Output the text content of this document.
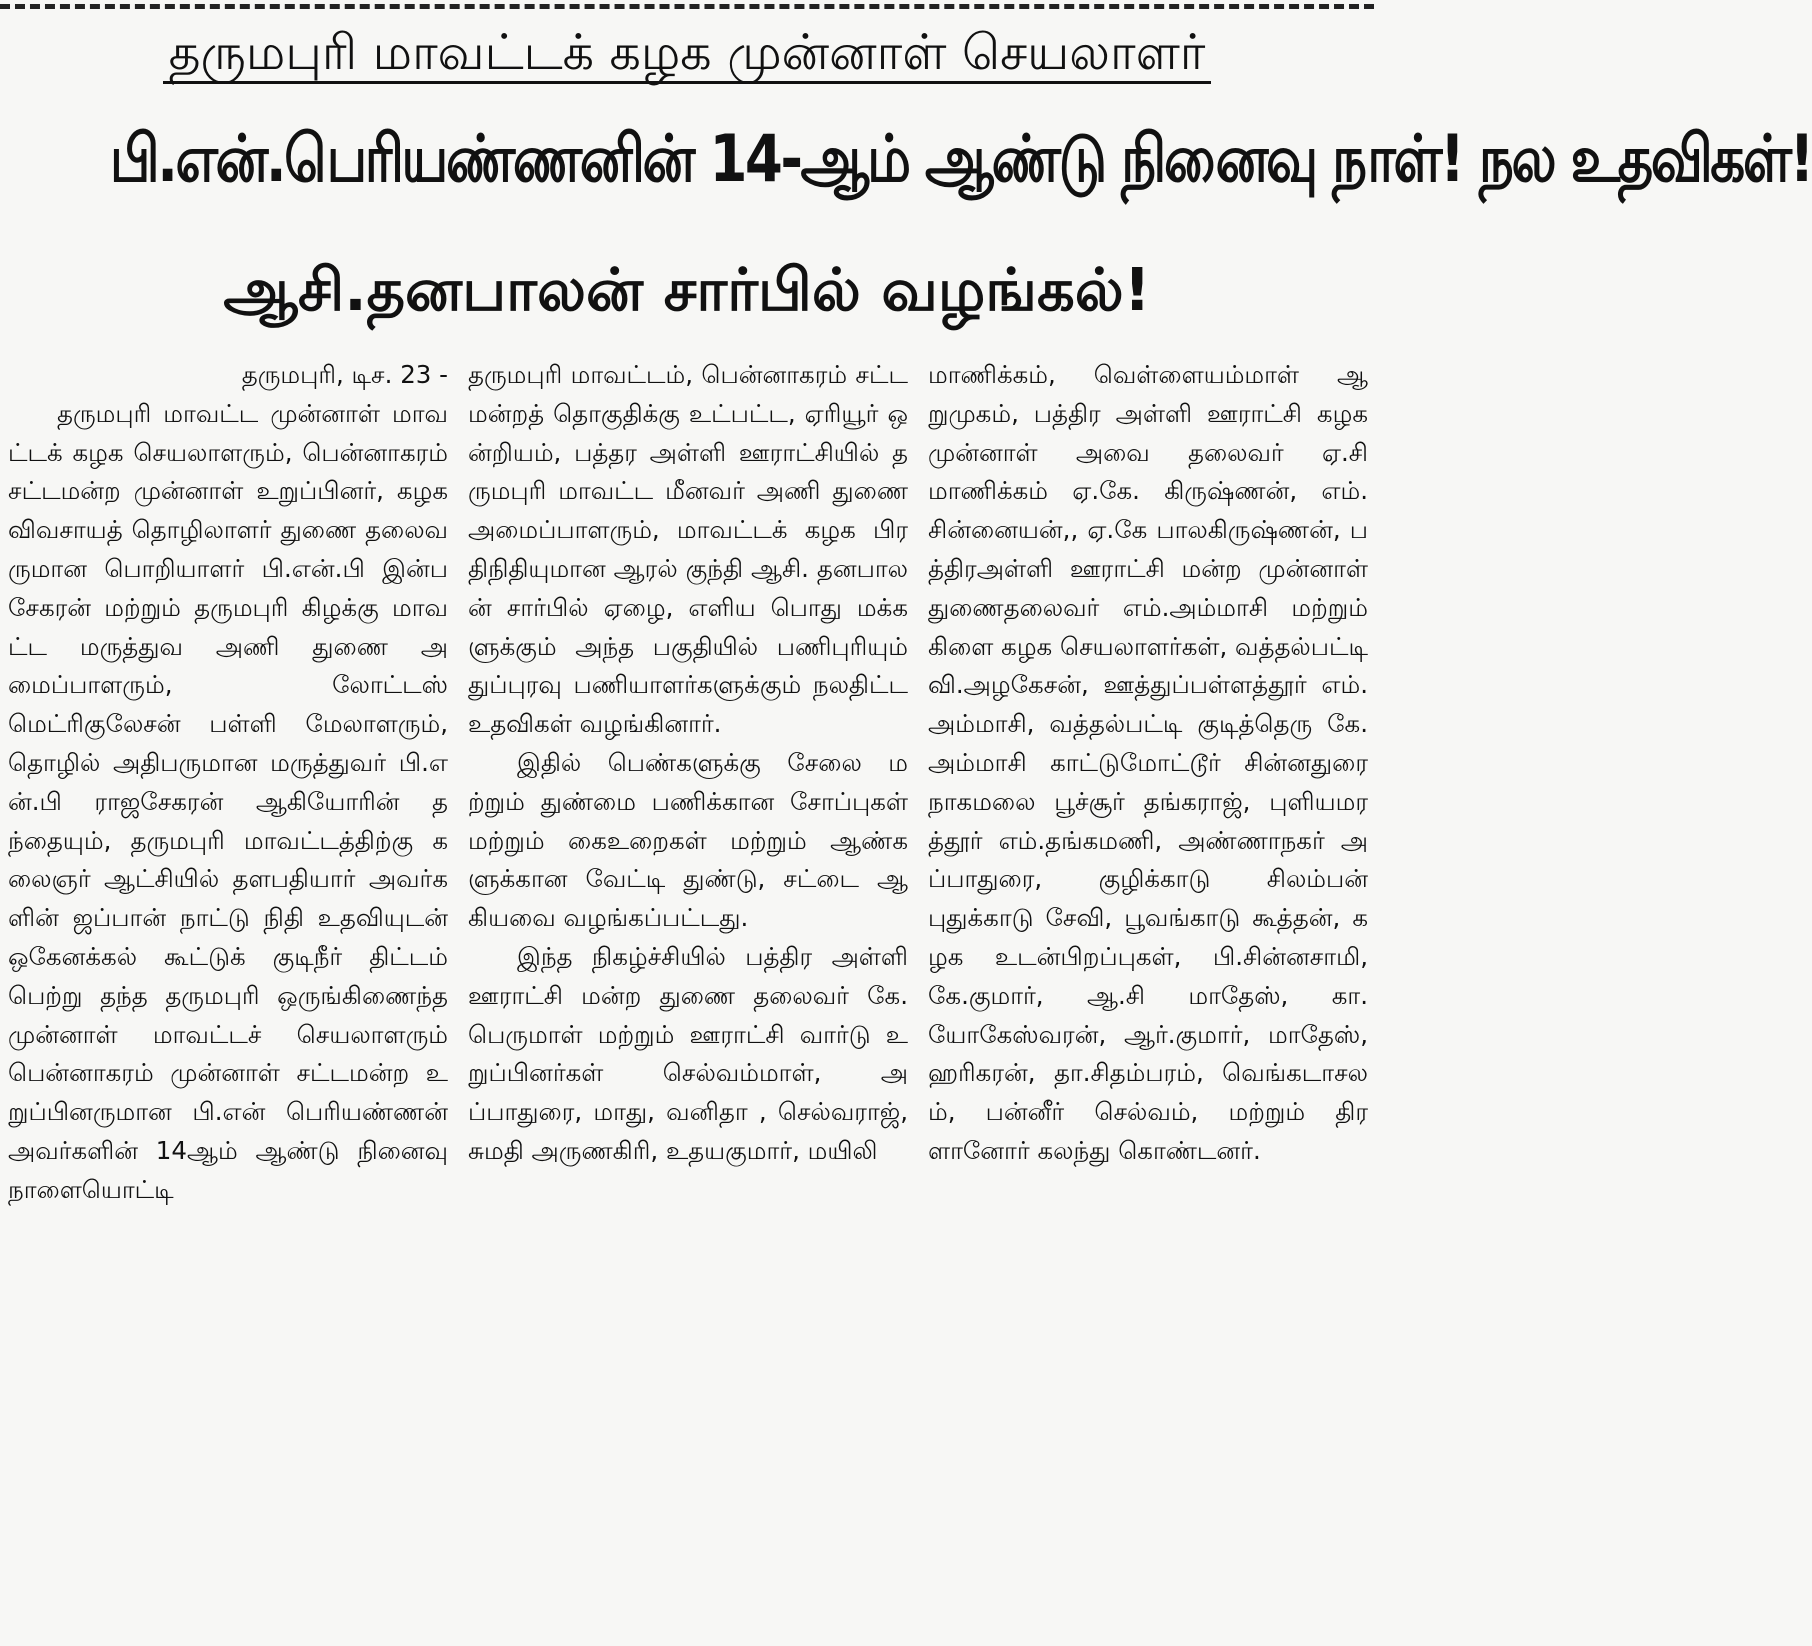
தருமபுரி மாவட்டக் கழக முன்னாள் செயலாளர்
பி.என்.பெரியண்ணனின் 14-ஆம் ஆண்டு நினைவு நாள்! நல உதவிகள்!
ஆசி.தனபாலன் சார்பில் வழங்கல்!
தருமபுரி, டிச. 23 -

தருமபுரி மாவட்ட முன்னாள் மாவட்டக் கழக செயலாளரும், பென்னாகரம் சட்டமன்ற முன்னாள் உறுப்பினர், கழக விவசாயத் தொழிலாளர் துணை தலைவருமான பொறியாளர் பி.என்.பி இன்பசேகரன் மற்றும் தருமபுரி கிழக்கு மாவட்ட மருத்துவ அணி துணை அமைப்பாளரும், லோட்டஸ் மெட்ரிகுலேசன் பள்ளி மேலாளரும், தொழில் அதிபருமான மருத்துவர் பி.என்.பி ராஜசேகரன் ஆகியோரின் தந்தையும், தருமபுரி மாவட்டத்திற்கு கலைஞர் ஆட்சியில் தளபதியார் அவர்களின் ஜப்பான் நாட்டு நிதி உதவியுடன் ஒகேனக்கல் கூட்டுக் குடிநீர் திட்டம் பெற்று தந்த தருமபுரி ஒருங்கிணைந்த முன்னாள் மாவட்டச் செயலாளரும் பென்னாகரம் முன்னாள் சட்டமன்ற உறுப்பினருமான பி.என் பெரியண்ணன் அவர்களின் 14ஆம் ஆண்டு நினைவு நாளையொட்டி

தருமபுரி மாவட்டம், பென்னாகரம் சட்டமன்றத் தொகுதிக்கு உட்பட்ட, ஏரியூர் ஒன்றியம், பத்தர அள்ளி ஊராட்சியில் தருமபுரி மாவட்ட மீனவர் அணி துணை அமைப்பாளரும், மாவட்டக் கழக பிரதிநிதியுமான ஆரல் குந்தி ஆசி. தனபாலன் சார்பில் ஏழை, எளிய பொது மக்களுக்கும் அந்த பகுதியில் பணிபுரியும் துப்புரவு பணியாளர்களுக்கும் நலதிட்ட உதவிகள் வழங்கினார்.

இதில் பெண்களுக்கு சேலை மற்றும் துண்மை பணிக்கான சோப்புகள் மற்றும் கைஉறைகள் மற்றும் ஆண்களுக்கான வேட்டி துண்டு, சட்டை ஆகியவை வழங்கப்பட்டது.

இந்த நிகழ்ச்சியில் பத்திர அள்ளி ஊராட்சி மன்ற துணை தலைவர் கே.பெருமாள் மற்றும் ஊராட்சி வார்டு உறுப்பினர்கள் செல்வம்மாள், அப்பாதுரை, மாது, வனிதா , செல்வராஜ், சுமதி அருணகிரி, உதயகுமார், மயிலி

மாணிக்கம், வெள்ளையம்மாள் ஆறுமுகம், பத்திர அள்ளி ஊராட்சி கழக முன்னாள் அவை தலைவர் ஏ.சி மாணிக்கம் ஏ.கே. கிருஷ்ணன், எம். சின்னையன்,, ஏ.கே பாலகிருஷ்ணன், பத்திரஅள்ளி ஊராட்சி மன்ற முன்னாள் துணைதலைவர் எம்.அம்மாசி மற்றும் கிளை கழக செயலாளர்கள், வத்தல்பட்டி வி.அழகேசன், ஊத்துப்பள்ளத்தூர் எம். அம்மாசி, வத்தல்பட்டி குடித்தெரு கே.அம்மாசி காட்டுமோட்டூர் சின்னதுரை நாகமலை பூச்சூர் தங்கராஜ், புளியமரத்தூர் எம்.தங்கமணி, அண்ணாநகர் அப்பாதுரை, குழிக்காடு சிலம்பன் புதுக்காடு சேவி, பூவங்காடு கூத்தன், கழக உடன்பிறப்புகள், பி.சின்னசாமி, கே.குமார், ஆ.சி மாதேஸ், கா.யோகேஸ்வரன், ஆர்.குமார், மாதேஸ், ஹரிகரன், தா.சிதம்பரம், வெங்கடாசலம், பன்னீர் செல்வம், மற்றும் திரளானோர் கலந்து கொண்டனர்.
